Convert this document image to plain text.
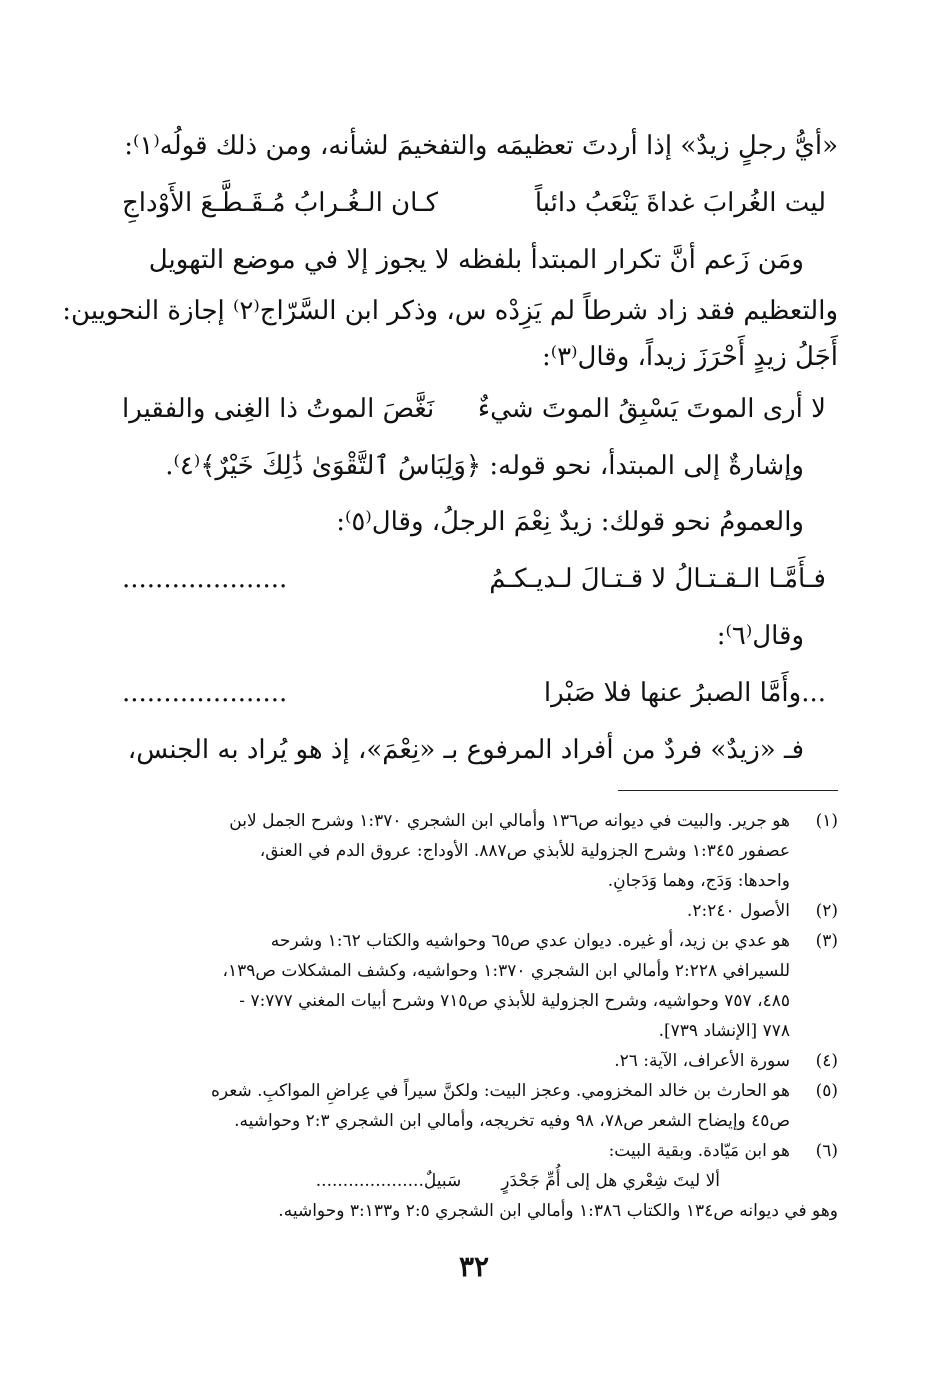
«أيُّ رجلٍ زيدٌ» إذا أردتَ تعظيمَه والتفخيمَ لشأنه، ومن ذلك قولُه⁽١⁾:
ليت الغُرابَ غداةَ يَنْعَبُ دائباً
كـان الـغُـرابُ مُـقَـطَّـعَ الأَوْداجِ
ومَن زَعم أنَّ تكرار المبتدأ بلفظه لا يجوز إلا في موضع التهويل
والتعظيم فقد زاد شرطاً لم يَزِدْه س، وذكر ابن السَّرّاج⁽٢⁾ إجازة النحويين:
أَجَلُ زيدٍ أَحْرَزَ زيداً، وقال⁽٣⁾:
لا أرى الموتَ يَسْبِقُ الموتَ شيءٌ
نَغَّصَ الموتُ ذا الغِنى والفقيرا
وإشارةٌ إلى المبتدأ، نحو قوله: ﴿وَلِبَاسُ ٱلتَّقْوَىٰ ذَٰلِكَ خَيْرٌ﴾⁽٤⁾.
والعمومُ نحو قولك: زيدٌ نِعْمَ الرجلُ، وقال⁽٥⁾:
فـأَمَّـا الـقـتـالُ لا قـتـالَ لـديـكـمُ
....................
وقال⁽٦⁾:
...وأَمَّا الصبرُ عنها فلا صَبْرا
....................
فـ «زيدٌ» فردٌ من أفراد المرفوع بـ «نِعْمَ»، إذ هو يُراد به الجنس،
(١)
هو جرير. والبيت في ديوانه ص١٣٦ وأمالي ابن الشجري ١:٣٧٠ وشرح الجمل لابن
عصفور ١:٣٤٥ وشرح الجزولية للأبذي ص٨٨٧. الأوداج: عروق الدم في العنق،
واحدها: وَدَج، وهما وَدَجانِ.
(٢)
الأصول ٢:٢٤٠.
(٣)
هو عدي بن زيد، أو غيره. ديوان عدي ص٦٥ وحواشيه والكتاب ١:٦٢ وشرحه
للسيرافي ٢:٢٢٨ وأمالي ابن الشجري ١:٣٧٠ وحواشيه، وكشف المشكلات ص١٣٩،
٤٨٥، ٧٥٧ وحواشيه، وشرح الجزولية للأبذي ص٧١٥ وشرح أبيات المغني ٧:٧٧٧ -
٧٧٨ [الإنشاد ٧٣٩].
(٤)
سورة الأعراف، الآية: ٢٦.
(٥)
هو الحارث بن خالد المخزومي. وعجز البيت: ولكنَّ سيراً في عِراضِ المواكبِ. شعره
ص٤٥ وإيضاح الشعر ص٧٨، ٩٨ وفيه تخريجه، وأمالي ابن الشجري ٢:٣ وحواشيه.
(٦)
هو ابن مَيّادة. وبقية البيت:
ألا ليتَ شِعْري هل إلى أُمِّ جَحْدَرٍ
سَبيلٌ....................
وهو في ديوانه ص١٣٤ والكتاب ١:٣٨٦ وأمالي ابن الشجري ٢:٥ و٣:١٣٣ وحواشيه.
٣٢
